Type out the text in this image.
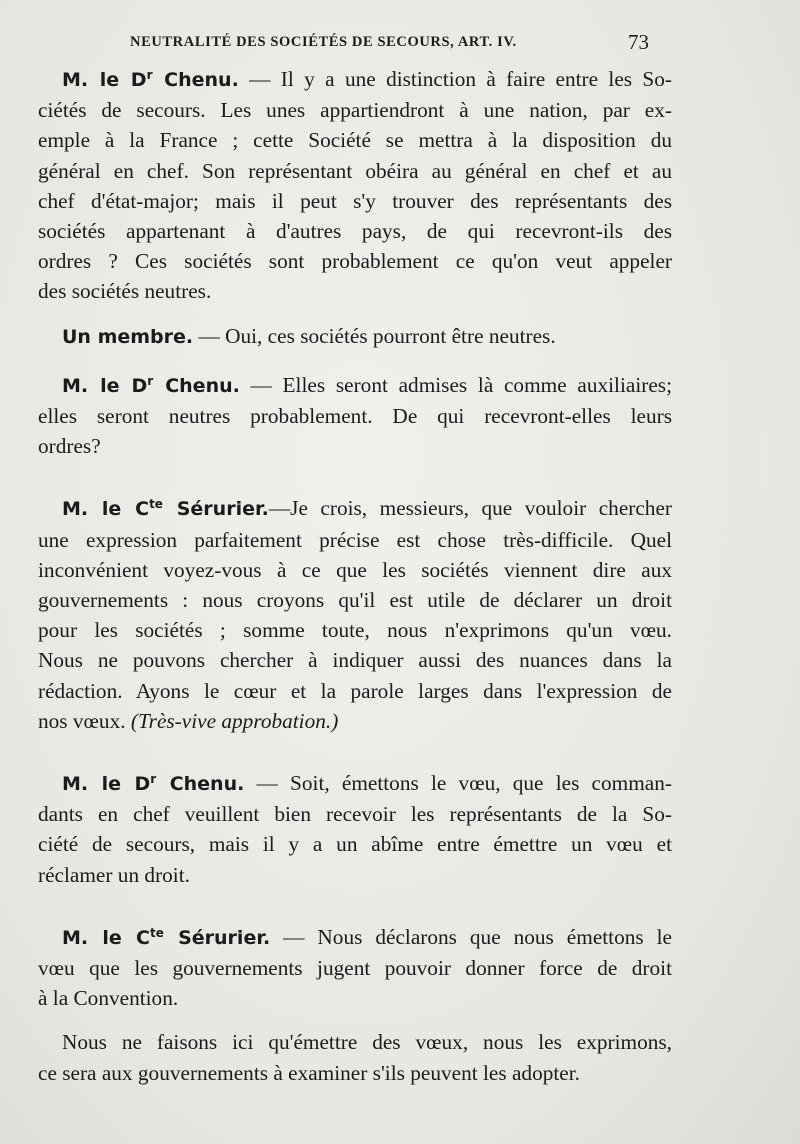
NEUTRALITÉ DES SOCIÉTÉS DE SECOURS, ART. IV.	73

M. le $D^r$ Chenu. — Il y a une distinction à faire entre les So-
ciétés de secours. Les unes appartiendront à une nation, par ex-
emple à la France ; cette Société se mettra à la disposition du
général en chef. Son représentant obéira au général en chef et au
chef d'état-major; mais il peut s'y trouver des représentants des
sociétés appartenant à d'autres pays, de qui recevront-ils des
ordres ? Ces sociétés sont probablement ce qu'on veut appeler
des sociétés neutres.

Un membre. — Oui, ces sociétés pourront être neutres.

M. le $D^r$ Chenu. — Elles seront admises là comme auxiliaires;
elles seront neutres probablement. De qui recevront-elles leurs
ordres?

M. le $C^{te}$ Sérurier.—Je crois, messieurs, que vouloir chercher
une expression parfaitement précise est chose très-difficile. Quel
inconvénient voyez-vous à ce que les sociétés viennent dire aux
gouvernements : nous croyons qu'il est utile de déclarer un droit
pour les sociétés ; somme toute, nous n'exprimons qu'un vœu.
Nous ne pouvons chercher à indiquer aussi des nuances dans la
rédaction. Ayons le cœur et la parole larges dans l'expression de
nos vœux. (Très-vive approbation.)

M. le $D^r$ Chenu. — Soit, émettons le vœu, que les comman-
dants en chef veuillent bien recevoir les représentants de la So-
ciété de secours, mais il y a un abîme entre émettre un vœu et
réclamer un droit.

M. le $C^{te}$ Sérurier. — Nous déclarons que nous émettons le
vœu que les gouvernements jugent pouvoir donner force de droit
à la Convention.

Nous ne faisons ici qu'émettre des vœux, nous les exprimons,
ce sera aux gouvernements à examiner s'ils peuvent les adopter.
